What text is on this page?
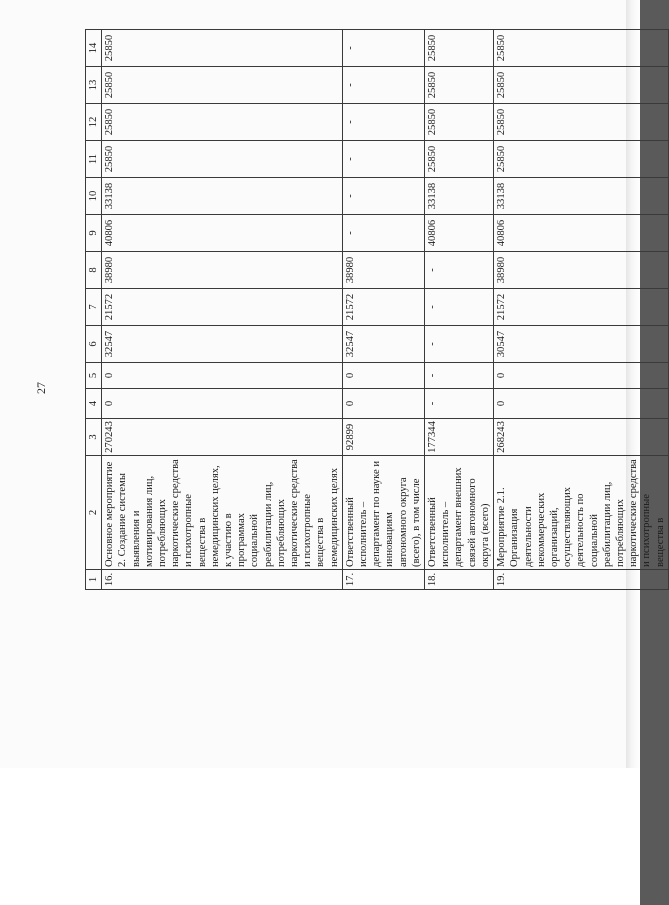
27
1	2	3	4	5	6	7	8	9	10	11	12	13	14
16.	Основное мероприятие 2. Создание системы выявления и мотивирования лиц, потребляющих наркотические средства и психотропные вещества в немедицинских целях, к участию в программах социальной реабилитации лиц, потребляющих наркотические средства и психотропные вещества в немедицинских целях	270243	0	0	32547	21572	38980	40806	33138	25850	25850	25850	25850
17.	Ответственный исполнитель – департамент по науке и инновациям автономного округа (всего), в том числе	92899	0	0	32547	21572	38980	-	-	-	-	-	-
18.	Ответственный исполнитель – департамент внешних связей автономного округа (всего)	177344	-	-	-	-	-	40806	33138	25850	25850	25850	25850
19.	Мероприятие 2.1. Организация деятельности некоммерческих организаций, осуществляющих деятельность по социальной реабилитации лиц, потребляющих наркотические средства и психотропные вещества в	268243	0	0	30547	21572	38980	40806	33138	25850	25850	25850	25850
